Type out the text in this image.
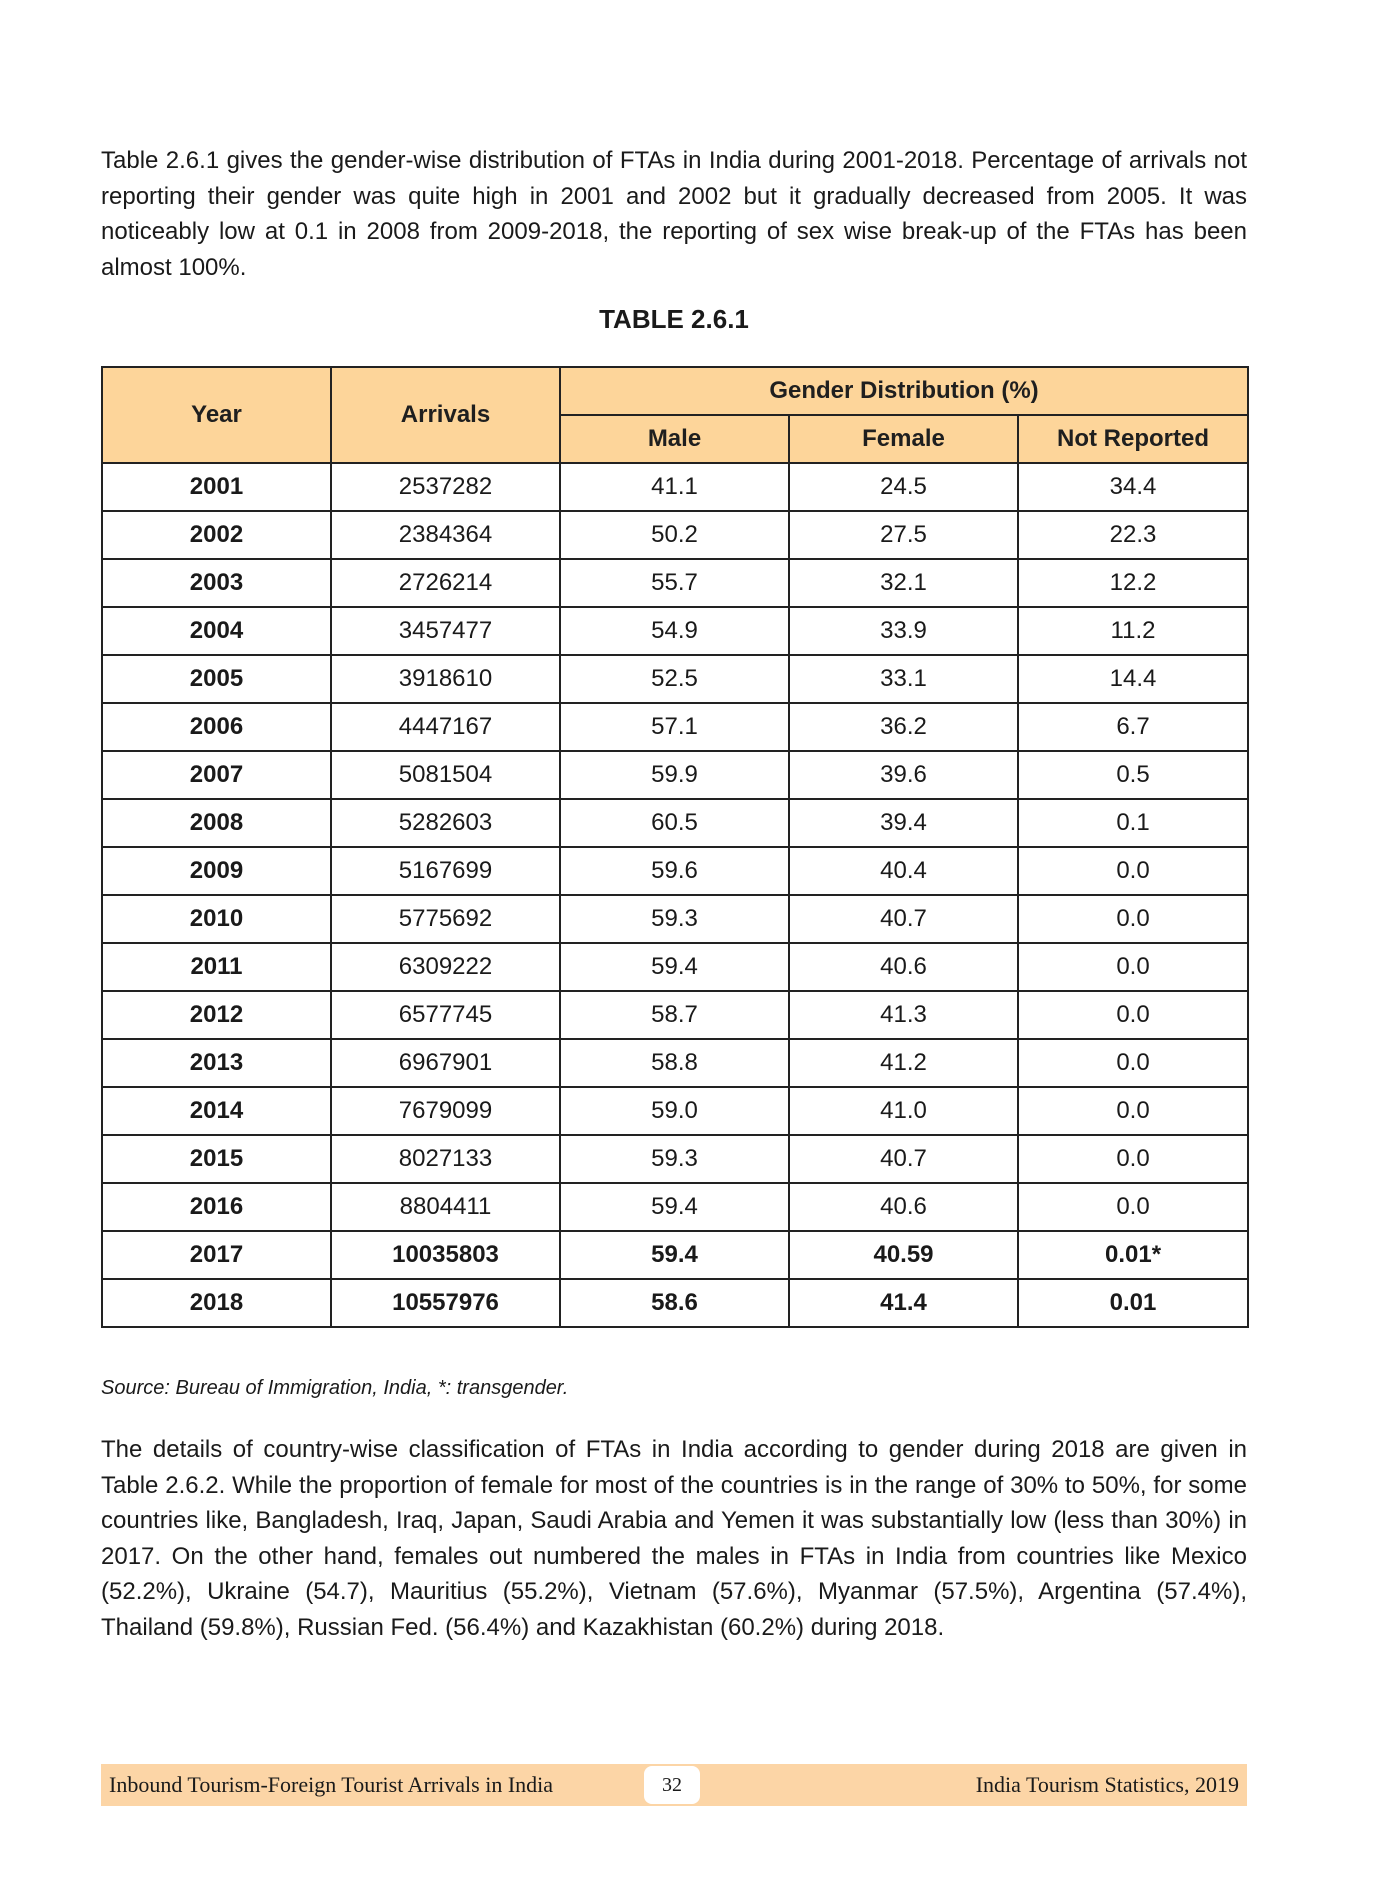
Table 2.6.1 gives the gender-wise distribution of FTAs in India during 2001-2018. Percentage of arrivals not reporting their gender was quite high in 2001 and 2002 but it gradually decreased from 2005. It was noticeably low at 0.1 in 2008 from 2009-2018, the reporting of sex wise break-up of the FTAs has been almost 100%.

TABLE 2.6.1
Year	Arrivals	Gender Distribution (%)		
		Male	Female	Not Reported
2001	2537282	41.1	24.5	34.4
2002	2384364	50.2	27.5	22.3
2003	2726214	55.7	32.1	12.2
2004	3457477	54.9	33.9	11.2
2005	3918610	52.5	33.1	14.4
2006	4447167	57.1	36.2	6.7
2007	5081504	59.9	39.6	0.5
2008	5282603	60.5	39.4	0.1
2009	5167699	59.6	40.4	0.0
2010	5775692	59.3	40.7	0.0
2011	6309222	59.4	40.6	0.0
2012	6577745	58.7	41.3	0.0
2013	6967901	58.8	41.2	0.0
2014	7679099	59.0	41.0	0.0
2015	8027133	59.3	40.7	0.0
2016	8804411	59.4	40.6	0.0
2017	10035803	59.4	40.59	0.01*
2018	10557976	58.6	41.4	0.01

Source: Bureau of Immigration, India, *: transgender.

The details of country-wise classification of FTAs in India according to gender during 2018 are given in Table 2.6.2. While the proportion of female for most of the countries is in the range of 30% to 50%, for some countries like, Bangladesh, Iraq, Japan, Saudi Arabia and Yemen it was substantially low (less than 30%) in 2017. On the other hand, females out numbered the males in FTAs in India from countries like Mexico (52.2%), Ukraine (54.7), Mauritius (55.2%), Vietnam (57.6%), Myanmar (57.5%), Argentina (57.4%), Thailand (59.8%), Russian Fed. (56.4%) and Kazakhistan (60.2%) during 2018.

Inbound Tourism-Foreign Tourist Arrivals in India	32	India Tourism Statistics, 2019
